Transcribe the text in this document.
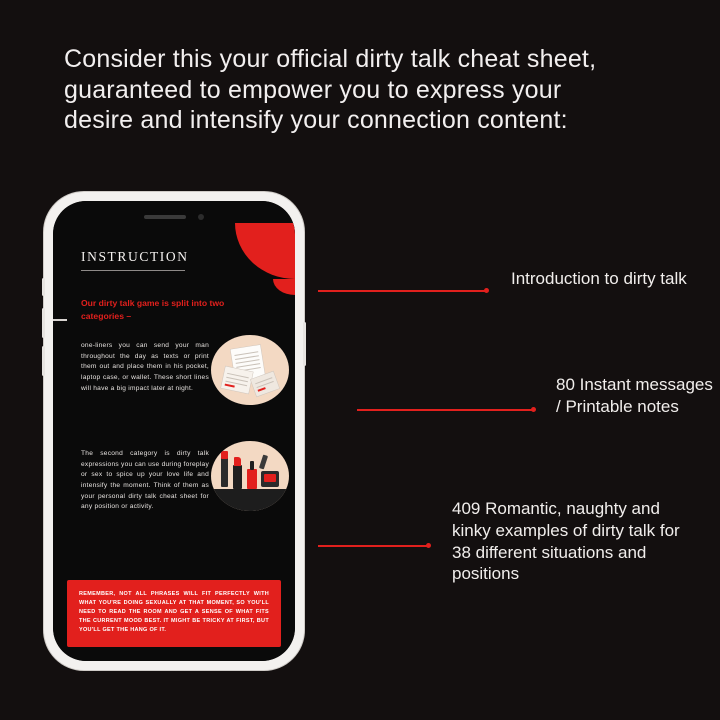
Consider this your official dirty talk cheat sheet,
guaranteed to empower you to express your
desire and intensify your connection content:
INSTRUCTION
Our dirty talk game is split into two categories –
one-liners you can send your man throughout the day as texts or print them out and place them in his pocket, laptop case, or wallet. These short lines will have a big impact later at night.
The second category is dirty talk expressions you can use during foreplay or sex to spice up your love life and intensify the moment. Think of them as your personal dirty talk cheat sheet for any position or activity.
REMEMBER, NOT ALL PHRASES WILL FIT PERFECTLY WITH WHAT YOU'RE DOING SEXUALLY AT THAT MOMENT, SO YOU'LL NEED TO READ THE ROOM AND GET A SENSE OF WHAT FITS THE CURRENT MOOD BEST. IT MIGHT BE TRICKY AT FIRST, BUT YOU'LL GET THE HANG OF IT.
Introduction to dirty talk
80 Instant messages / Printable notes
409 Romantic, naughty and kinky examples of dirty talk for 38 different situations and positions
